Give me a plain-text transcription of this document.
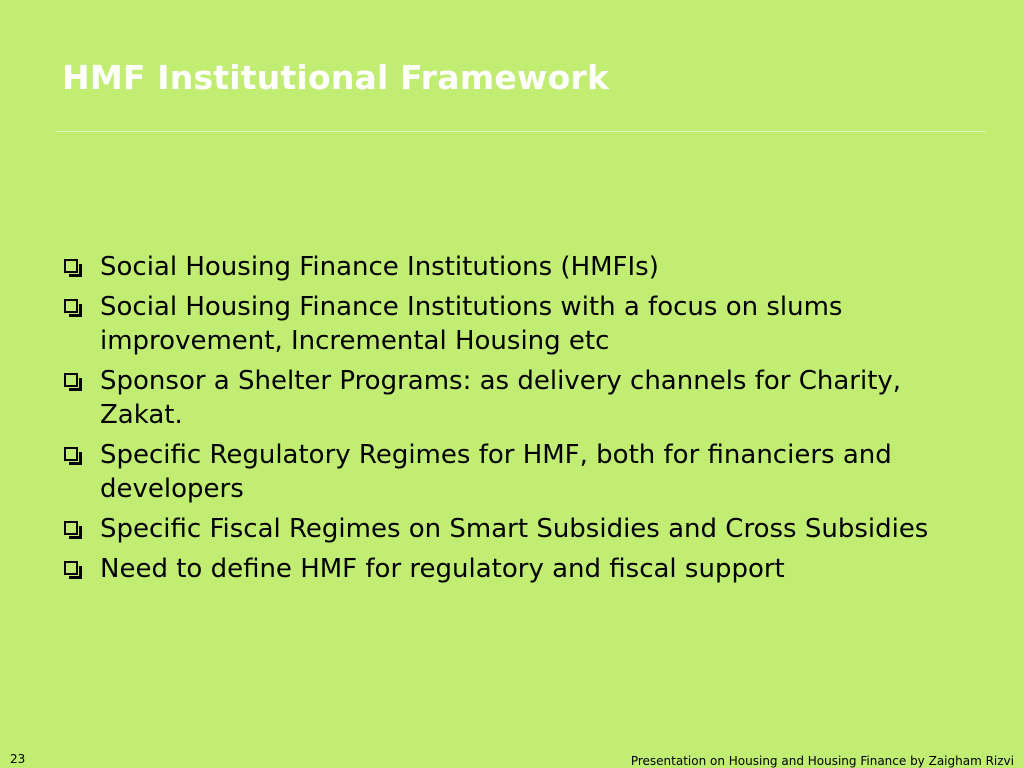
HMF Institutional Framework
Social Housing Finance Institutions (HMFIs)
Social Housing Finance Institutions with a focus on slums improvement, Incremental Housing etc
Sponsor a Shelter Programs: as delivery channels for Charity, Zakat.
Specific Regulatory Regimes for HMF, both for financiers and developers
Specific Fiscal Regimes on Smart Subsidies and Cross Subsidies
Need to define HMF for regulatory and fiscal support
23	Presentation on Housing and Housing Finance by Zaigham Rizvi
